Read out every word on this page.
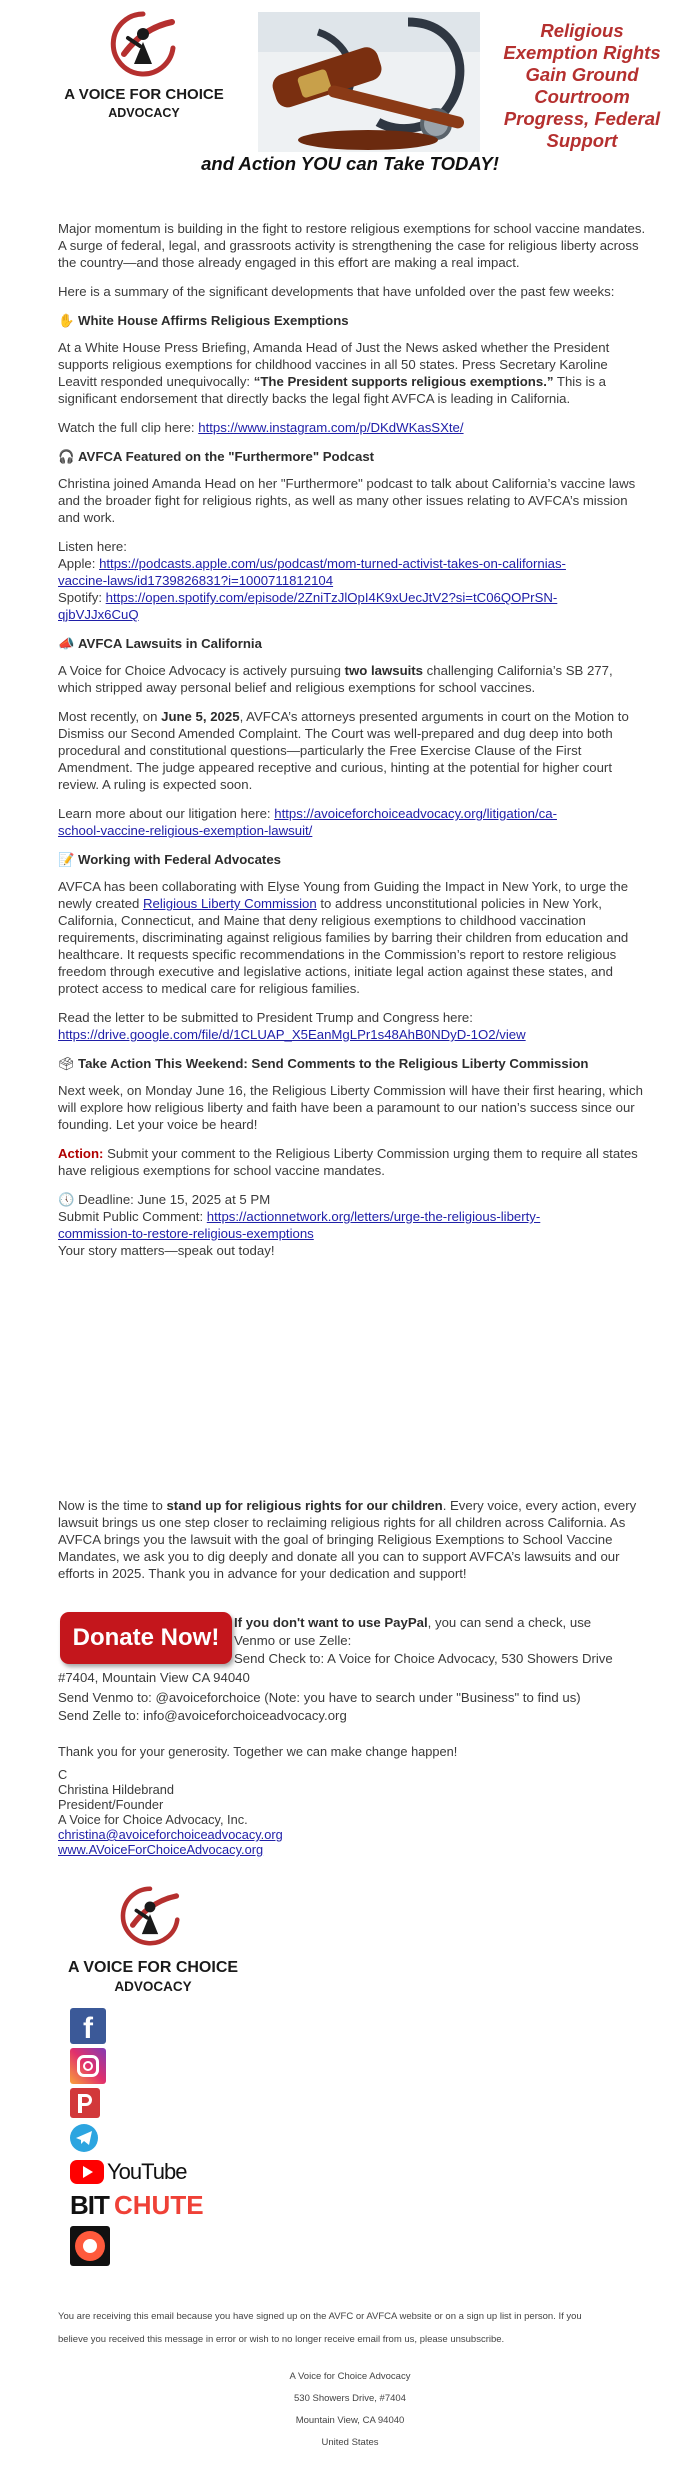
A VOICE FOR CHOICE
ADVOCACY
Religious
Exemption Rights
Gain Ground
Courtroom
Progress, Federal
Support
and Action YOU can Take TODAY!

Major momentum is building in the fight to restore religious exemptions for school vaccine mandates. A surge of federal, legal, and grassroots activity is strengthening the case for religious liberty across the country—and those already engaged in this effort are making a real impact.

Here is a summary of the significant developments that have unfolded over the past few weeks:

✋ White House Affirms Religious Exemptions

At a White House Press Briefing, Amanda Head of Just the News asked whether the President supports religious exemptions for childhood vaccines in all 50 states. Press Secretary Karoline Leavitt responded unequivocally: “The President supports religious exemptions.” This is a significant endorsement that directly backs the legal fight AVFCA is leading in California.

Watch the full clip here: https://www.instagram.com/p/DKdWKasSXte/

🎧 AVFCA Featured on the "Furthermore" Podcast

Christina joined Amanda Head on her "Furthermore" podcast to talk about California’s vaccine laws and the broader fight for religious rights, as well as many other issues relating to AVFCA’s mission and work.

Listen here:
Apple: https://podcasts.apple.com/us/podcast/mom-turned-activist-takes-on-californias-
vaccine-laws/id1739826831?i=1000711812104
Spotify: https://open.spotify.com/episode/2ZniTzJlOpI4K9xUecJtV2?si=tC06QOPrSN-
qjbVJJx6CuQ
📣 AVFCA Lawsuits in California

A Voice for Choice Advocacy is actively pursuing two lawsuits challenging California’s SB 277, which stripped away personal belief and religious exemptions for school vaccines.

Most recently, on June 5, 2025, AVFCA’s attorneys presented arguments in court on the Motion to Dismiss our Second Amended Complaint. The Court was well-prepared and dug deep into both procedural and constitutional questions—particularly the Free Exercise Clause of the First Amendment. The judge appeared receptive and curious, hinting at the potential for higher court review. A ruling is expected soon.

Learn more about our litigation here: https://avoiceforchoiceadvocacy.org/litigation/ca-
school-vaccine-religious-exemption-lawsuit/

📝 Working with Federal Advocates

AVFCA has been collaborating with Elyse Young from Guiding the Impact in New York, to urge the newly created Religious Liberty Commission to address unconstitutional policies in New York, California, Connecticut, and Maine that deny religious exemptions to childhood vaccination requirements, discriminating against religious families by barring their children from education and healthcare. It requests specific recommendations in the Commission’s report to restore religious freedom through executive and legislative actions, initiate legal action against these states, and protect access to medical care for religious families.

Read the letter to be submitted to President Trump and Congress here:
https://drive.google.com/file/d/1CLUAP_X5EanMgLPr1s48AhB0NDyD-1O2/view

🗳 Take Action This Weekend: Send Comments to the Religious Liberty Commission

Next week, on Monday June 16, the Religious Liberty Commission will have their first hearing, which will explore how religious liberty and faith have been a paramount to our nation’s success since our founding. Let your voice be heard!

Action: Submit your comment to the Religious Liberty Commission urging them to require all states have religious exemptions for school vaccine mandates.

🕔 Deadline: June 15, 2025 at 5 PM
Submit Public Comment: https://actionnetwork.org/letters/urge-the-religious-liberty-
commission-to-restore-religious-exemptions
Your story matters—speak out today!

Now is the time to stand up for religious rights for our children. Every voice, every action, every lawsuit brings us one step closer to reclaiming religious rights for all children across California. As AVFCA brings you the lawsuit with the goal of bringing Religious Exemptions to School Vaccine Mandates, we ask you to dig deeply and donate all you can to support AVFCA’s lawsuits and our efforts in 2025. Thank you in advance for your dedication and support!

Donate Now!
If you don't want to use PayPal, you can send a check, use
Venmo or use Zelle:
Send Check to: A Voice for Choice Advocacy, 530 Showers Drive
#7404, Mountain View CA 94040
Send Venmo to: @avoiceforchoice (Note: you have to search under "Business" to find us)
Send Zelle to: info@avoiceforchoiceadvocacy.org
Thank you for your generosity. Together we can make change happen!
C
Christina Hildebrand
President/Founder
A Voice for Choice Advocacy, Inc.
christina@avoiceforchoiceadvocacy.org
www.AVoiceForChoiceAdvocacy.org
A VOICE FOR CHOICE
ADVOCACY
f
YouTube
BIT CHUTE
You are receiving this email because you have signed up on the AVFC or AVFCA website or on a sign up list in person. If you
believe you received this message in error or wish to no longer receive email from us, please unsubscribe.
A Voice for Choice Advocacy
530 Showers Drive, #7404
Mountain View, CA 94040
United States
